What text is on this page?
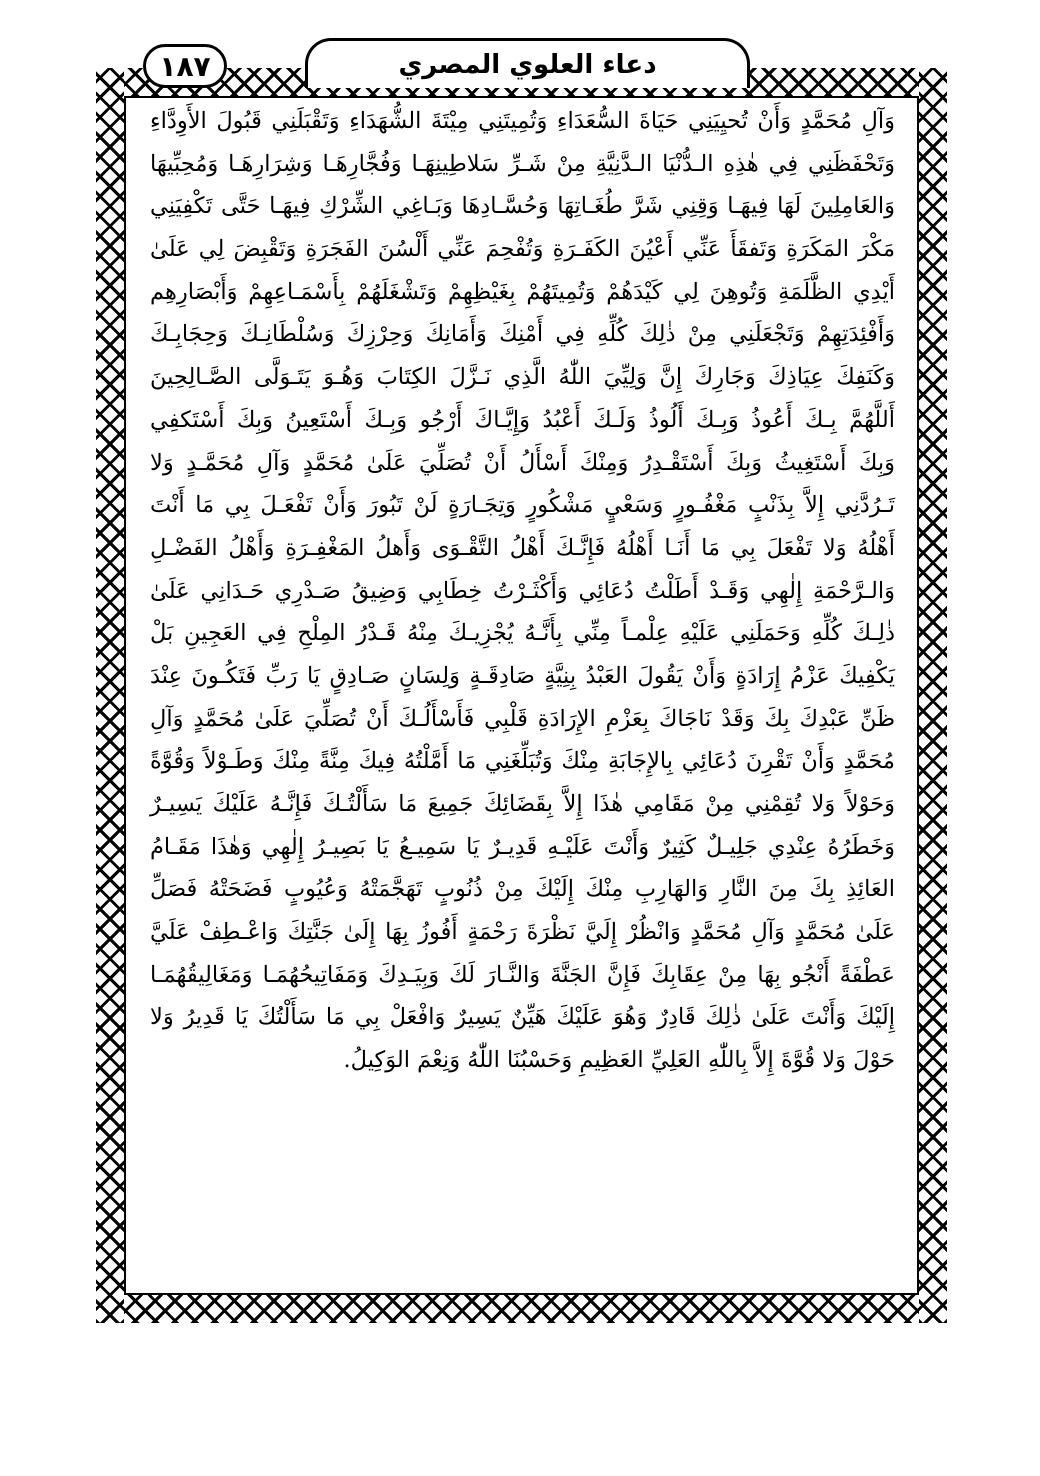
دعاء العلوي المصري
١٨٧
وَآلِ مُحَمَّدٍ وَأَنْ تُحيِيَنِي حَيَاةَ السُّعَدَاءِ وَتُمِيتَنِي مِيْتَةَ الشُّهَدَاءِ وَتَقْبَلَنِي قَبُولَ الأَوِدَّاءِ
وَتَحْفَظَنِي فِي هٰذِهِ الـدُّنْيَا الـدَّنِيَّةِ مِنْ شَـرِّ سَلاطِينِهَـا وَفُجَّارِهَـا وَشِرَارِهَـا وَمُحِبِّيهَا
وَالعَامِلِينَ لَهَا فِيهَـا وَقِنِي شَرَّ طُغَـاتِهَا وَحُسَّـادِهَا وَبَـاغِي الشِّرْكِ فِيهَـا حَتَّى تَكْفِيَنِي
مَكْرَ المَكَرَةِ وَتَفقَأَ عَنِّي أَعْيُنَ الكَفَـرَةِ وَتُفْحِمَ عَنِّي أَلْسُنَ الفَجَرَةِ وَتَقْبِضَ لِي عَلَىٰ
أَيْدِي الظَّلَمَةِ وَتُوهِنَ لِي كَيْدَهُمْ وَتُمِيتَهُمْ بِغَيْظِهِمْ وَتَشْغَلَهُمْ بِأَسْمَـاعِهِمْ وَأَبْصَارِهِم
وَأَفْئِدَتِهِمْ وَتَجْعَلَنِي مِنْ ذٰلِكَ كُلِّهِ فِي أَمْنِكَ وَأَمَانِكَ وَحِرْزِكَ وَسُلْطَانِـكَ وَحِجَابِـكَ
وَكَنَفِكَ عِيَاذِكَ وَجَارِكَ إِنَّ وَلِيِّيَ اللّٰهُ الَّذِي نَـزَّلَ الكِتَابَ وَهُـوَ يَتَـوَلَّى الصَّـالِحِينَ
أَللَّهُمَّ بِـكَ أَعُوذُ وَبِـكَ أَلُوذُ وَلَـكَ أَعْبُدُ وَإِيَّـاكَ أَرْجُو وَبِـكَ أَسْتَعِينُ وَبِكَ أَسْتَكفِي
وَبِكَ أَسْتَغِيثُ وَبِكَ أَسْتَقْـدِرُ وَمِنْكَ أَسْأَلُ أَنْ تُصَلِّيَ عَلَىٰ مُحَمَّدٍ وَآلِ مُحَمَّـدٍ وَلا
تَـرُدَّنِي إِلاَّ بِذَنْبٍ مَغْفُـورٍ وَسَعْيٍ مَشْكُورٍ وَتِجَـارَةٍ لَنْ تَبُورَ وَأَنْ تَفْعَـلَ بِي مَا أَنْتَ
أَهْلُهُ وَلا تَفْعَلَ بِي مَا أَنَـا أَهْلُهُ فَإِنَّـكَ أَهْلُ التَّقْـوَى وَأَهلُ المَغْفِـرَةِ وَأَهْلُ الفَضْـلِ
وَالـرَّحْمَةِ إِلٰهِي وَقَـدْ أَطَلْتُ دُعَائِي وَأَكْثَـرْتُ خِطَابِي وَضِيقُ صَـدْرِي حَـدَانِي عَلَىٰ
ذٰلِـكَ كُلِّهِ وَحَمَلَنِي عَلَيْهِ عِلْمـاً مِنِّي بِأَنَّـهُ يُجْزِيـكَ مِنْهُ قَـدْرُ المِلْحِ فِي العَجِينِ بَلْ
يَكْفِيكَ عَزْمُ إِرَادَةٍ وَأَنْ يَقُولَ العَبْدُ بِنِيَّةٍ صَادِقَـةٍ وَلِسَانٍ صَـادِقٍ يَا رَبِّ فَتَكُـونَ عِنْدَ
ظَنِّ عَبْدِكَ بِكَ وَقَدْ نَاجَاكَ بِعَزْمِ الإِرَادَةِ قَلْبِي فَأَسْأَلُـكَ أَنْ تُصَلِّيَ عَلَىٰ مُحَمَّدٍ وَآلِ
مُحَمَّدٍ وَأَنْ تَقْرِنَ دُعَائِي بِالإِجَابَةِ مِنْكَ وَتُبَلِّغَنِي مَا أَمَّلْتُهُ فِيكَ مِنَّةً مِنْكَ وَطَـوْلاً وَقُوَّةً
وَحَوْلاً وَلا تُقِمْنِي مِنْ مَقَامِي هٰذَا إِلاَّ بِقَضَائِكَ جَمِيعَ مَا سَأَلْتُـكَ فَإِنَّـهُ عَلَيْكَ يَسِيـرٌ
وَخَطَرُهُ عِنْدِي جَلِيـلٌ كَثِيرٌ وَأَنْتَ عَلَيْـهِ قَدِيـرٌ يَا سَمِيـعُ يَا بَصِيـرُ إِلٰهِي وَهٰذَا مَقَـامُ
العَائِذِ بِكَ مِنَ النَّارِ وَالهَارِبِ مِنْكَ إِلَيْكَ مِنْ ذُنُوبٍ تَهَجَّمَتْهُ وَعُيُوبٍ فَضَحَتْهُ فَصَلِّ
عَلَىٰ مُحَمَّدٍ وَآلِ مُحَمَّدٍ وَانْظُرْ إِلَيَّ نَظْرَةَ رَحْمَةٍ أَفُوزُ بِهَا إِلَىٰ جَنَّتِكَ وَاعْـطِفْ عَلَيَّ
عَطْفَةً أَنْجُو بِهَا مِنْ عِقَابِكَ فَإِنَّ الجَنَّةَ وَالنَّـارَ لَكَ وَبِيَـدِكَ وَمَفَاتِيحُهُمَـا وَمَغَالِيقُهُمَـا
إِلَيْكَ وَأَنْتَ عَلَىٰ ذٰلِكَ قَادِرٌ وَهُوَ عَلَيْكَ هَيِّنٌ يَسِيرٌ وَافْعَلْ بِي مَا سَأَلْتُكَ يَا قَدِيرُ وَلا
حَوْلَ وَلا قُوَّةَ إِلاَّ بِاللّٰهِ العَلِيِّ العَظِيمِ وَحَسْبُنَا اللّٰهُ وَنِعْمَ الوَكِيلُ.
